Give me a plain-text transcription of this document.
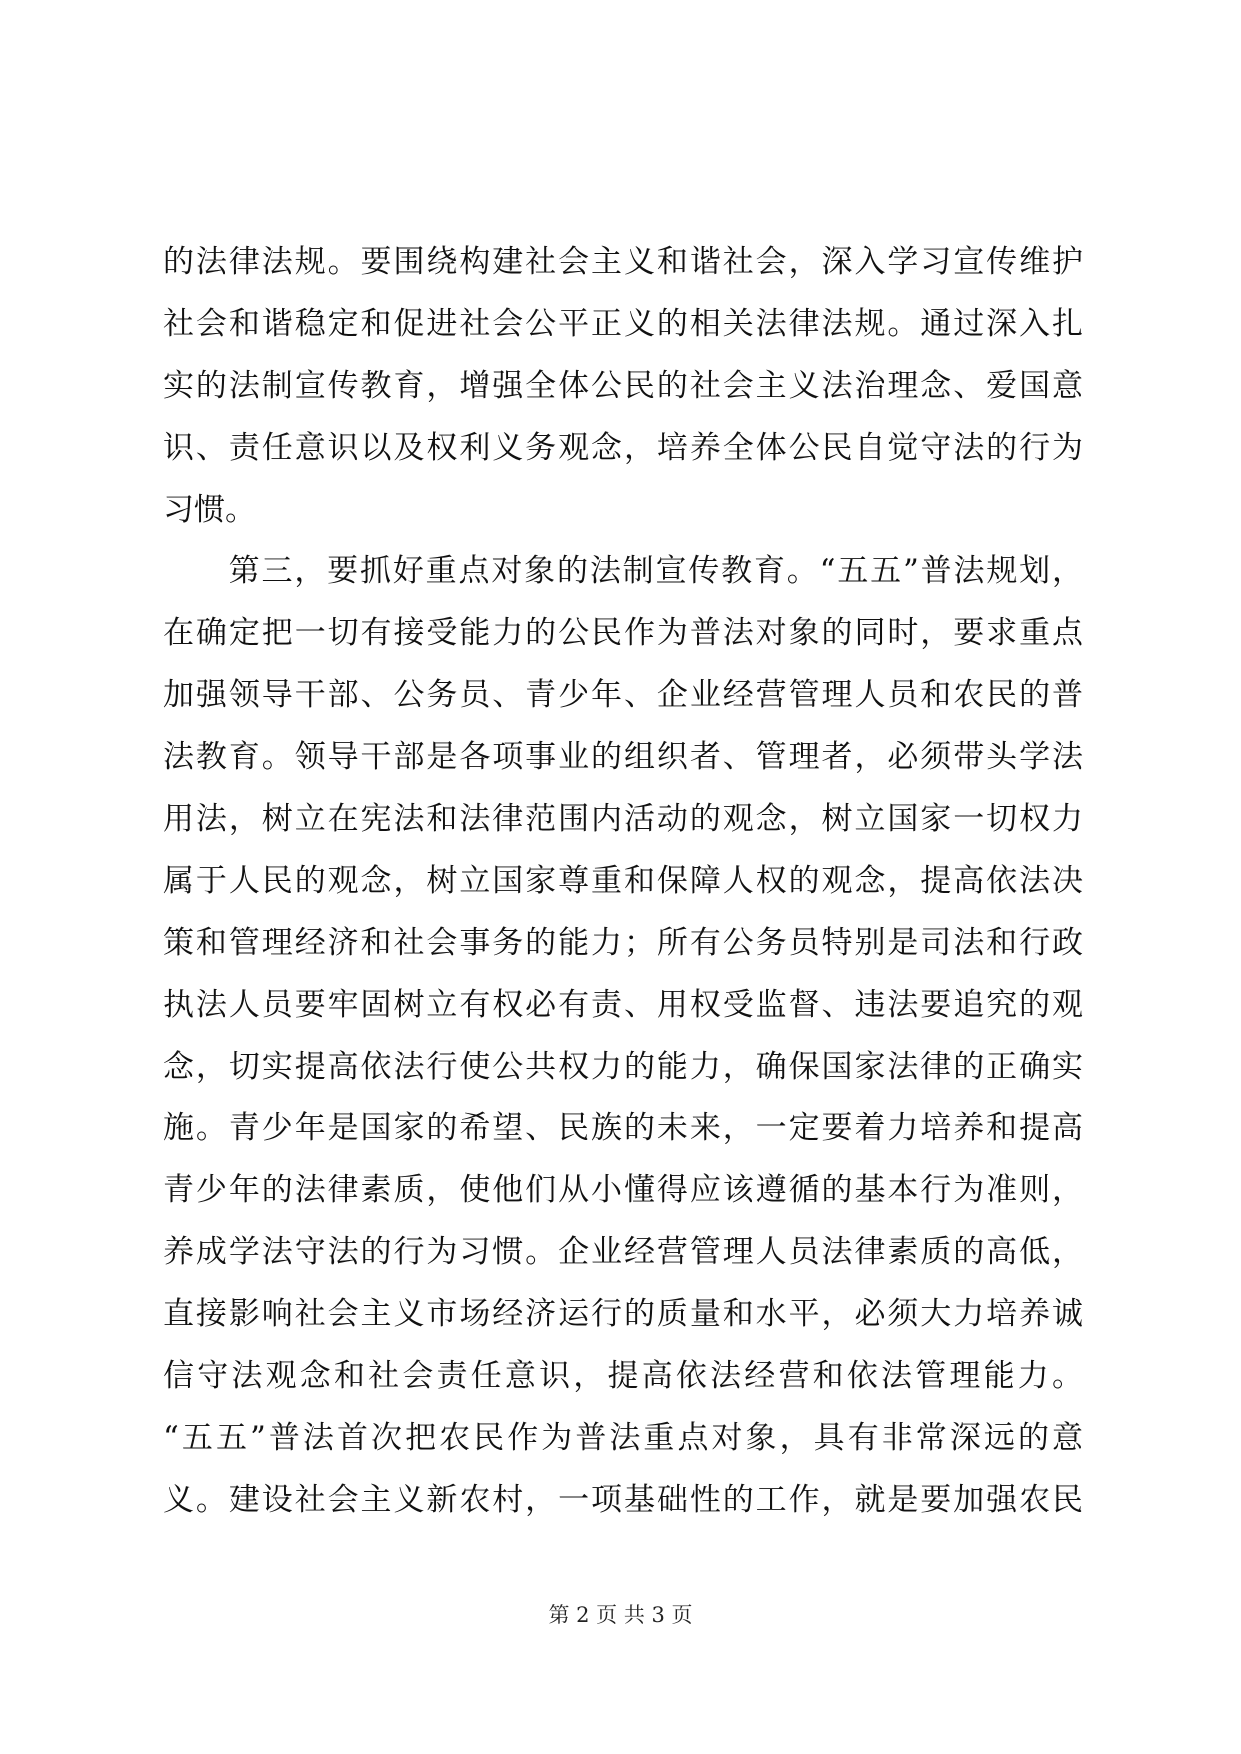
的法律法规。要围绕构建社会主义和谐社会，深入学习宣传维护
社会和谐稳定和促进社会公平正义的相关法律法规。通过深入扎
实的法制宣传教育，增强全体公民的社会主义法治理念、爱国意
识、责任意识以及权利义务观念，培养全体公民自觉守法的行为
习惯。
　　第三，要抓好重点对象的法制宣传教育。“五五”普法规划，
在确定把一切有接受能力的公民作为普法对象的同时，要求重点
加强领导干部、公务员、青少年、企业经营管理人员和农民的普
法教育。领导干部是各项事业的组织者、管理者，必须带头学法
用法，树立在宪法和法律范围内活动的观念，树立国家一切权力
属于人民的观念，树立国家尊重和保障人权的观念，提高依法决
策和管理经济和社会事务的能力；所有公务员特别是司法和行政
执法人员要牢固树立有权必有责、用权受监督、违法要追究的观
念，切实提高依法行使公共权力的能力，确保国家法律的正确实
施。青少年是国家的希望、民族的未来，一定要着力培养和提高
青少年的法律素质，使他们从小懂得应该遵循的基本行为准则，
养成学法守法的行为习惯。企业经营管理人员法律素质的高低，
直接影响社会主义市场经济运行的质量和水平，必须大力培养诚
信守法观念和社会责任意识，提高依法经营和依法管理能力。
“五五”普法首次把农民作为普法重点对象，具有非常深远的意
义。建设社会主义新农村，一项基础性的工作，就是要加强农民
第 2 页 共 3 页
